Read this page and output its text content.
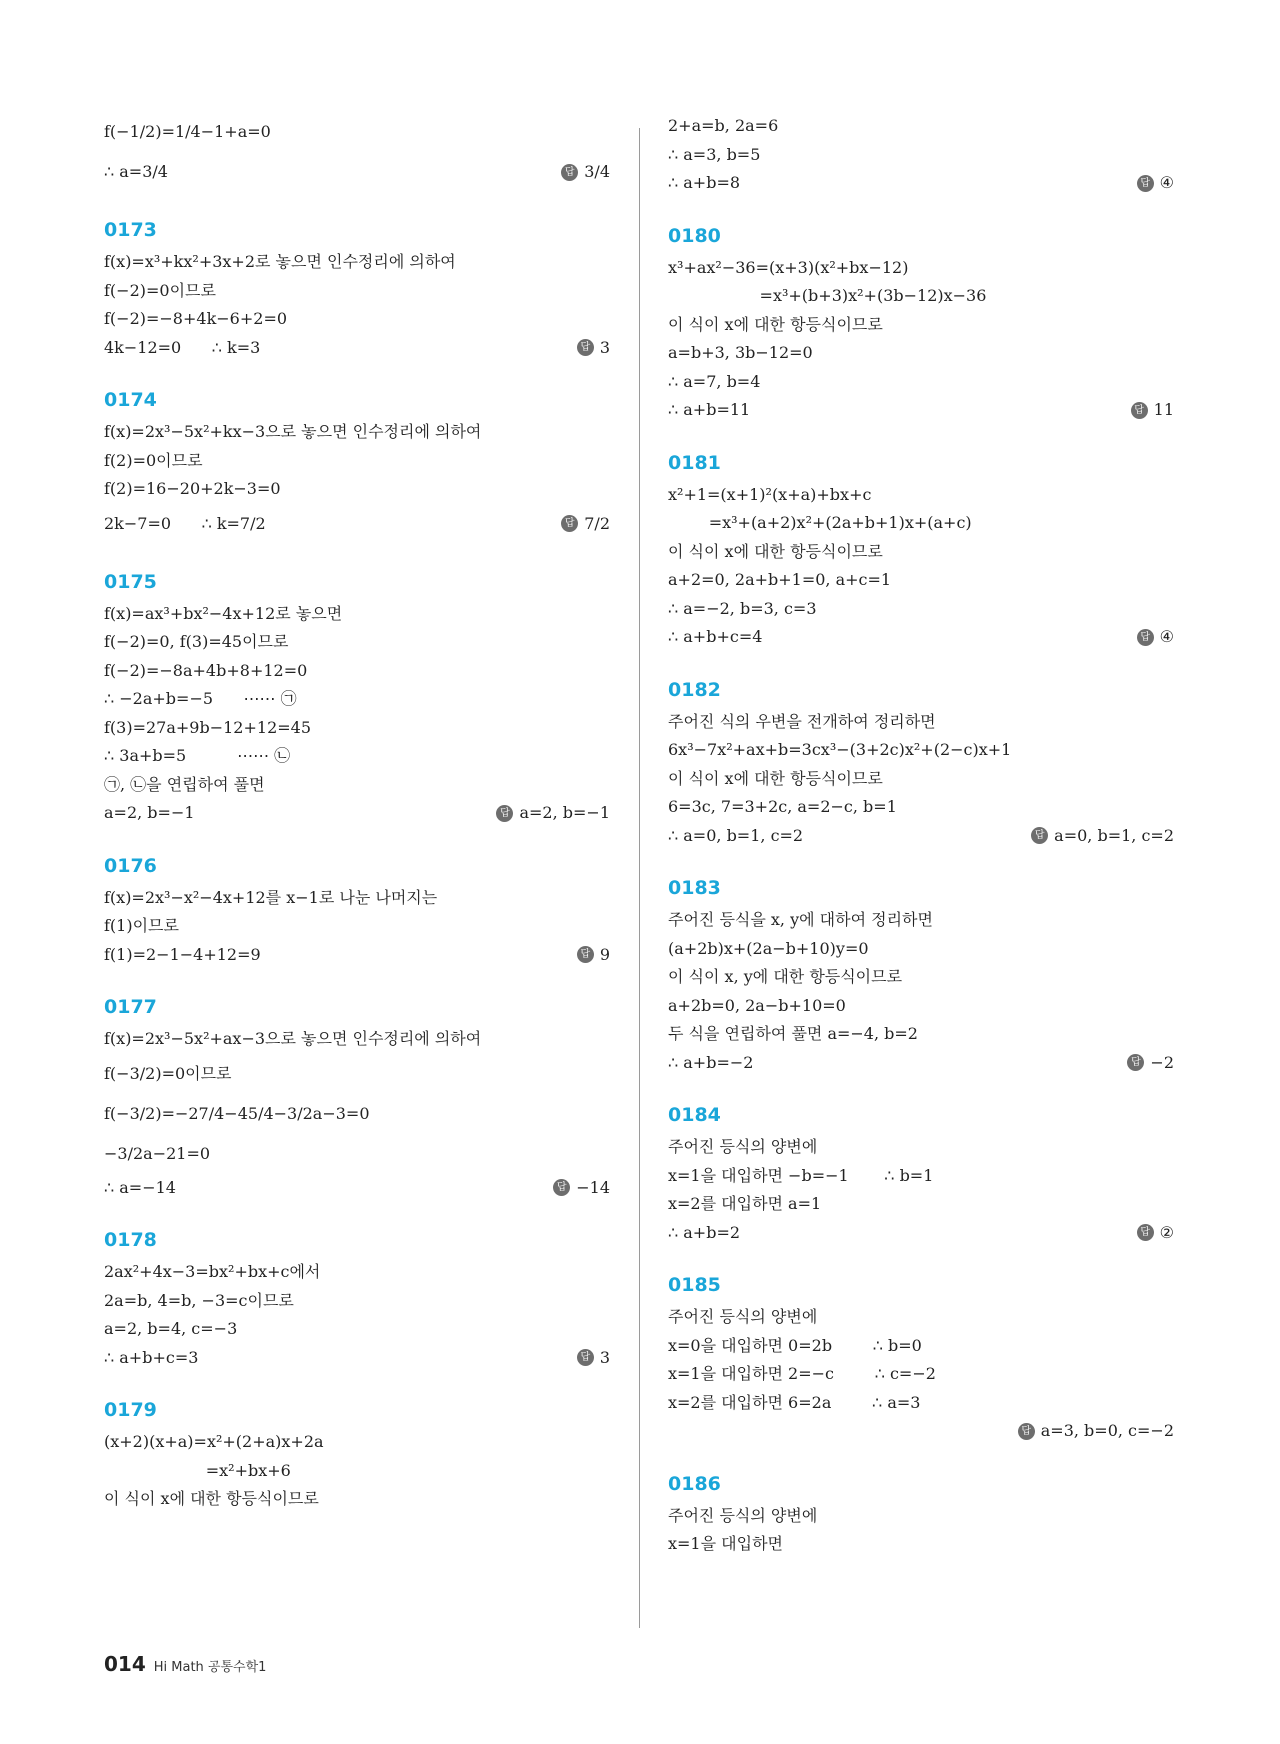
f(−1/2)=1/4−1+a=0
∴ a=3/4	답 3/4
0173
f(x)=x³+kx²+3x+2로 놓으면 인수정리에 의하여
f(−2)=0이므로
f(−2)=−8+4k−6+2=0
4k−12=0      ∴ k=3	답 3
0174
f(x)=2x³−5x²+kx−3으로 놓으면 인수정리에 의하여
f(2)=0이므로
f(2)=16−20+2k−3=0
2k−7=0      ∴ k=7/2	답 7/2
0175
f(x)=ax³+bx²−4x+12로 놓으면
f(−2)=0, f(3)=45이므로
f(−2)=−8a+4b+8+12=0
∴ −2a+b=−5      ⋯⋯ ㉠
f(3)=27a+9b−12+12=45
∴ 3a+b=5          ⋯⋯ ㉡
㉠, ㉡을 연립하여 풀면
a=2, b=−1	답 a=2, b=−1
0176
f(x)=2x³−x²−4x+12를 x−1로 나눈 나머지는
f(1)이므로
f(1)=2−1−4+12=9	답 9
0177
f(x)=2x³−5x²+ax−3으로 놓으면 인수정리에 의하여
f(−3/2)=0이므로
f(−3/2)=−27/4−45/4−3/2a−3=0
−3/2a−21=0
∴ a=−14	답 −14
0178
2ax²+4x−3=bx²+bx+c에서
2a=b, 4=b, −3=c이므로
a=2, b=4, c=−3
∴ a+b+c=3	답 3
0179
(x+2)(x+a)=x²+(2+a)x+2a
=x²+bx+6
이 식이 x에 대한 항등식이므로
2+a=b, 2a=6
∴ a=3, b=5
∴ a+b=8	답 ④
0180
x³+ax²−36=(x+3)(x²+bx−12)
=x³+(b+3)x²+(3b−12)x−36
이 식이 x에 대한 항등식이므로
a=b+3, 3b−12=0
∴ a=7, b=4
∴ a+b=11	답 11
0181
x²+1=(x+1)²(x+a)+bx+c
=x³+(a+2)x²+(2a+b+1)x+(a+c)
이 식이 x에 대한 항등식이므로
a+2=0, 2a+b+1=0, a+c=1
∴ a=−2, b=3, c=3
∴ a+b+c=4	답 ④
0182
주어진 식의 우변을 전개하여 정리하면
6x³−7x²+ax+b=3cx³−(3+2c)x²+(2−c)x+1
이 식이 x에 대한 항등식이므로
6=3c, 7=3+2c, a=2−c, b=1
∴ a=0, b=1, c=2	답 a=0, b=1, c=2
0183
주어진 등식을 x, y에 대하여 정리하면
(a+2b)x+(2a−b+10)y=0
이 식이 x, y에 대한 항등식이므로
a+2b=0, 2a−b+10=0
두 식을 연립하여 풀면 a=−4, b=2
∴ a+b=−2	답 −2
0184
주어진 등식의 양변에
x=1을 대입하면 −b=−1       ∴ b=1
x=2를 대입하면 a=1
∴ a+b=2	답 ②
0185
주어진 등식의 양변에
x=0을 대입하면 0=2b        ∴ b=0
x=1을 대입하면 2=−c        ∴ c=−2
x=2를 대입하면 6=2a        ∴ a=3
답 a=3, b=0, c=−2
0186
주어진 등식의 양변에
x=1을 대입하면
014 Hi Math 공통수학1
